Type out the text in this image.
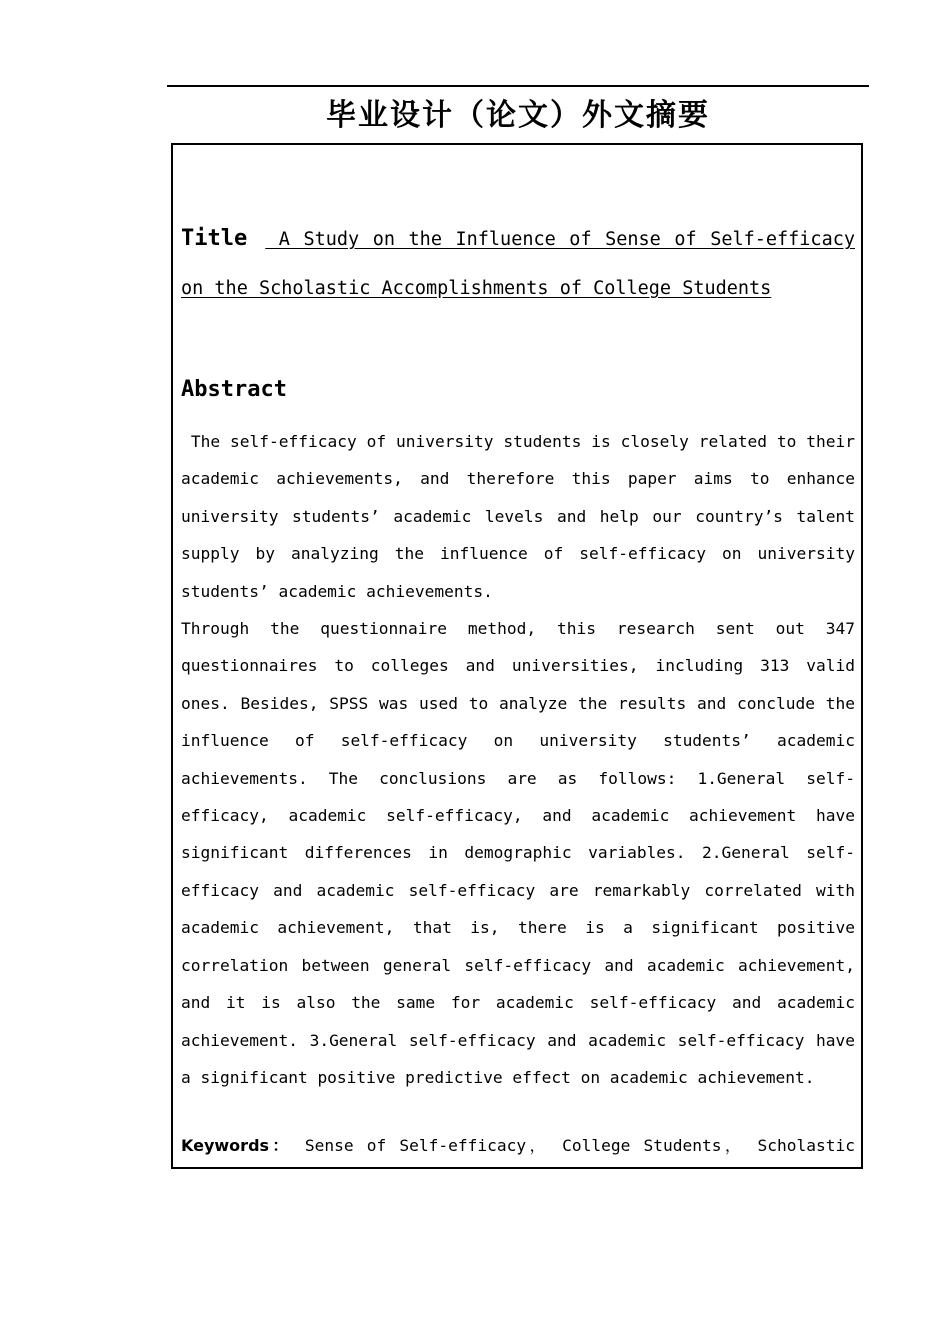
毕业设计（论文）外文摘要
Title A Study on the Influence of Sense of Self-efficacy on the Scholastic Accomplishments of College Students
Abstract

The self-efficacy of university students is closely related to their academic achievements, and therefore this paper aims to enhance university students’ academic levels and help our country’s talent supply by analyzing the influence of self-efficacy on university students’ academic achievements.

Through the questionnaire method, this research sent out 347 questionnaires to colleges and universities, including 313 valid ones. Besides, SPSS was used to analyze the results and conclude the influence of self-efficacy on university students’ academic achievements. The conclusions are as follows: 1.General self-efficacy, academic self-efficacy, and academic achievement have significant differences in demographic variables. 2.General self-efficacy and academic self-efficacy are remarkably correlated with academic achievement, that is, there is a significant positive correlation between general self-efficacy and academic achievement, and it is also the same for academic self-efficacy and academic achievement. 3.General self-efficacy and academic self-efficacy have a significant positive predictive effect on academic achievement.

Keywords： Sense of Self-efficacy， College Students， Scholastic
